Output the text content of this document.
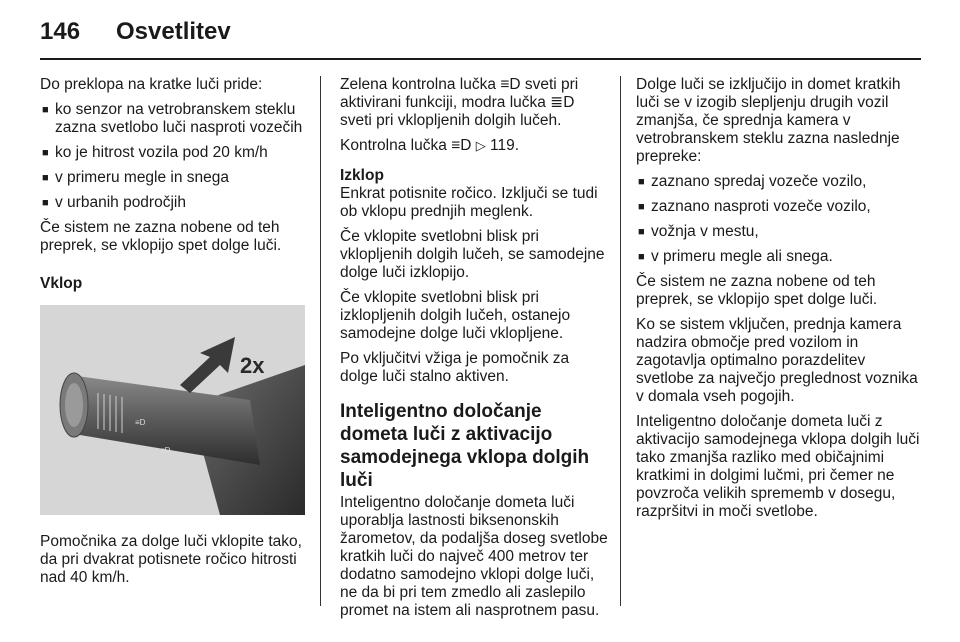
146 Osvetlitev

Do preklopa na kratke luči pride:

■ ko senzor na vetrobranskem steklu zazna svetlobo luči nasproti vozečih
■ ko je hitrost vozila pod 20 km/h
■ v primeru megle in snega
■ v urbanih področjih

Če sistem ne zazna nobene od teh preprek, se vklopijo spet dolge luči.

Vklop

≡D
≡D
2x

Pomočnika za dolge luči vklopite tako, da pri dvakrat potisnete ročico hitrosti nad 40 km/h.

Zelena kontrolna lučka ≡D sveti pri aktivirani funkciji, modra lučka ≣D sveti pri vklopljenih dolgih lučeh.

Kontrolna lučka ≡D ▷ 119.

Izklop

Enkrat potisnite ročico. Izključi se tudi ob vklopu prednjih meglenk.

Če vklopite svetlobni blisk pri vklopljenih dolgih lučeh, se samodejne dolge luči izklopijo.

Če vklopite svetlobni blisk pri izklopljenih dolgih lučeh, ostanejo samodejne dolge luči vklopljene.

Po vključitvi vžiga je pomočnik za dolge luči stalno aktiven.

Inteligentno določanje dometa luči z aktivacijo samodejnega vklopa dolgih luči

Inteligentno določanje dometa luči uporablja lastnosti biksenonskih žarometov, da podaljša doseg svetlobe kratkih luči do največ 400 metrov ter dodatno samodejno vklopi dolge luči, ne da bi pri tem zmedlo ali zaslepilo promet na istem ali nasprotnem pasu.

Dolge luči se izključijo in domet kratkih luči se v izogib slepljenju drugih vozil zmanjša, če sprednja kamera v vetrobranskem steklu zazna naslednje prepreke:

■ zaznano spredaj vozeče vozilo,
■ zaznano nasproti vozeče vozilo,
■ vožnja v mestu,
■ v primeru megle ali snega.

Če sistem ne zazna nobene od teh preprek, se vklopijo spet dolge luči.

Ko se sistem vključen, prednja kamera nadzira območje pred vozilom in zagotavlja optimalno porazdelitev svetlobe za največjo preglednost voznika v domala vseh pogojih.

Inteligentno določanje dometa luči z aktivacijo samodejnega vklopa dolgih luči tako zmanjša razliko med običajnimi kratkimi in dolgimi lučmi, pri čemer ne povzroča velikih sprememb v dosegu, razpršitvi in moči svetlobe.
